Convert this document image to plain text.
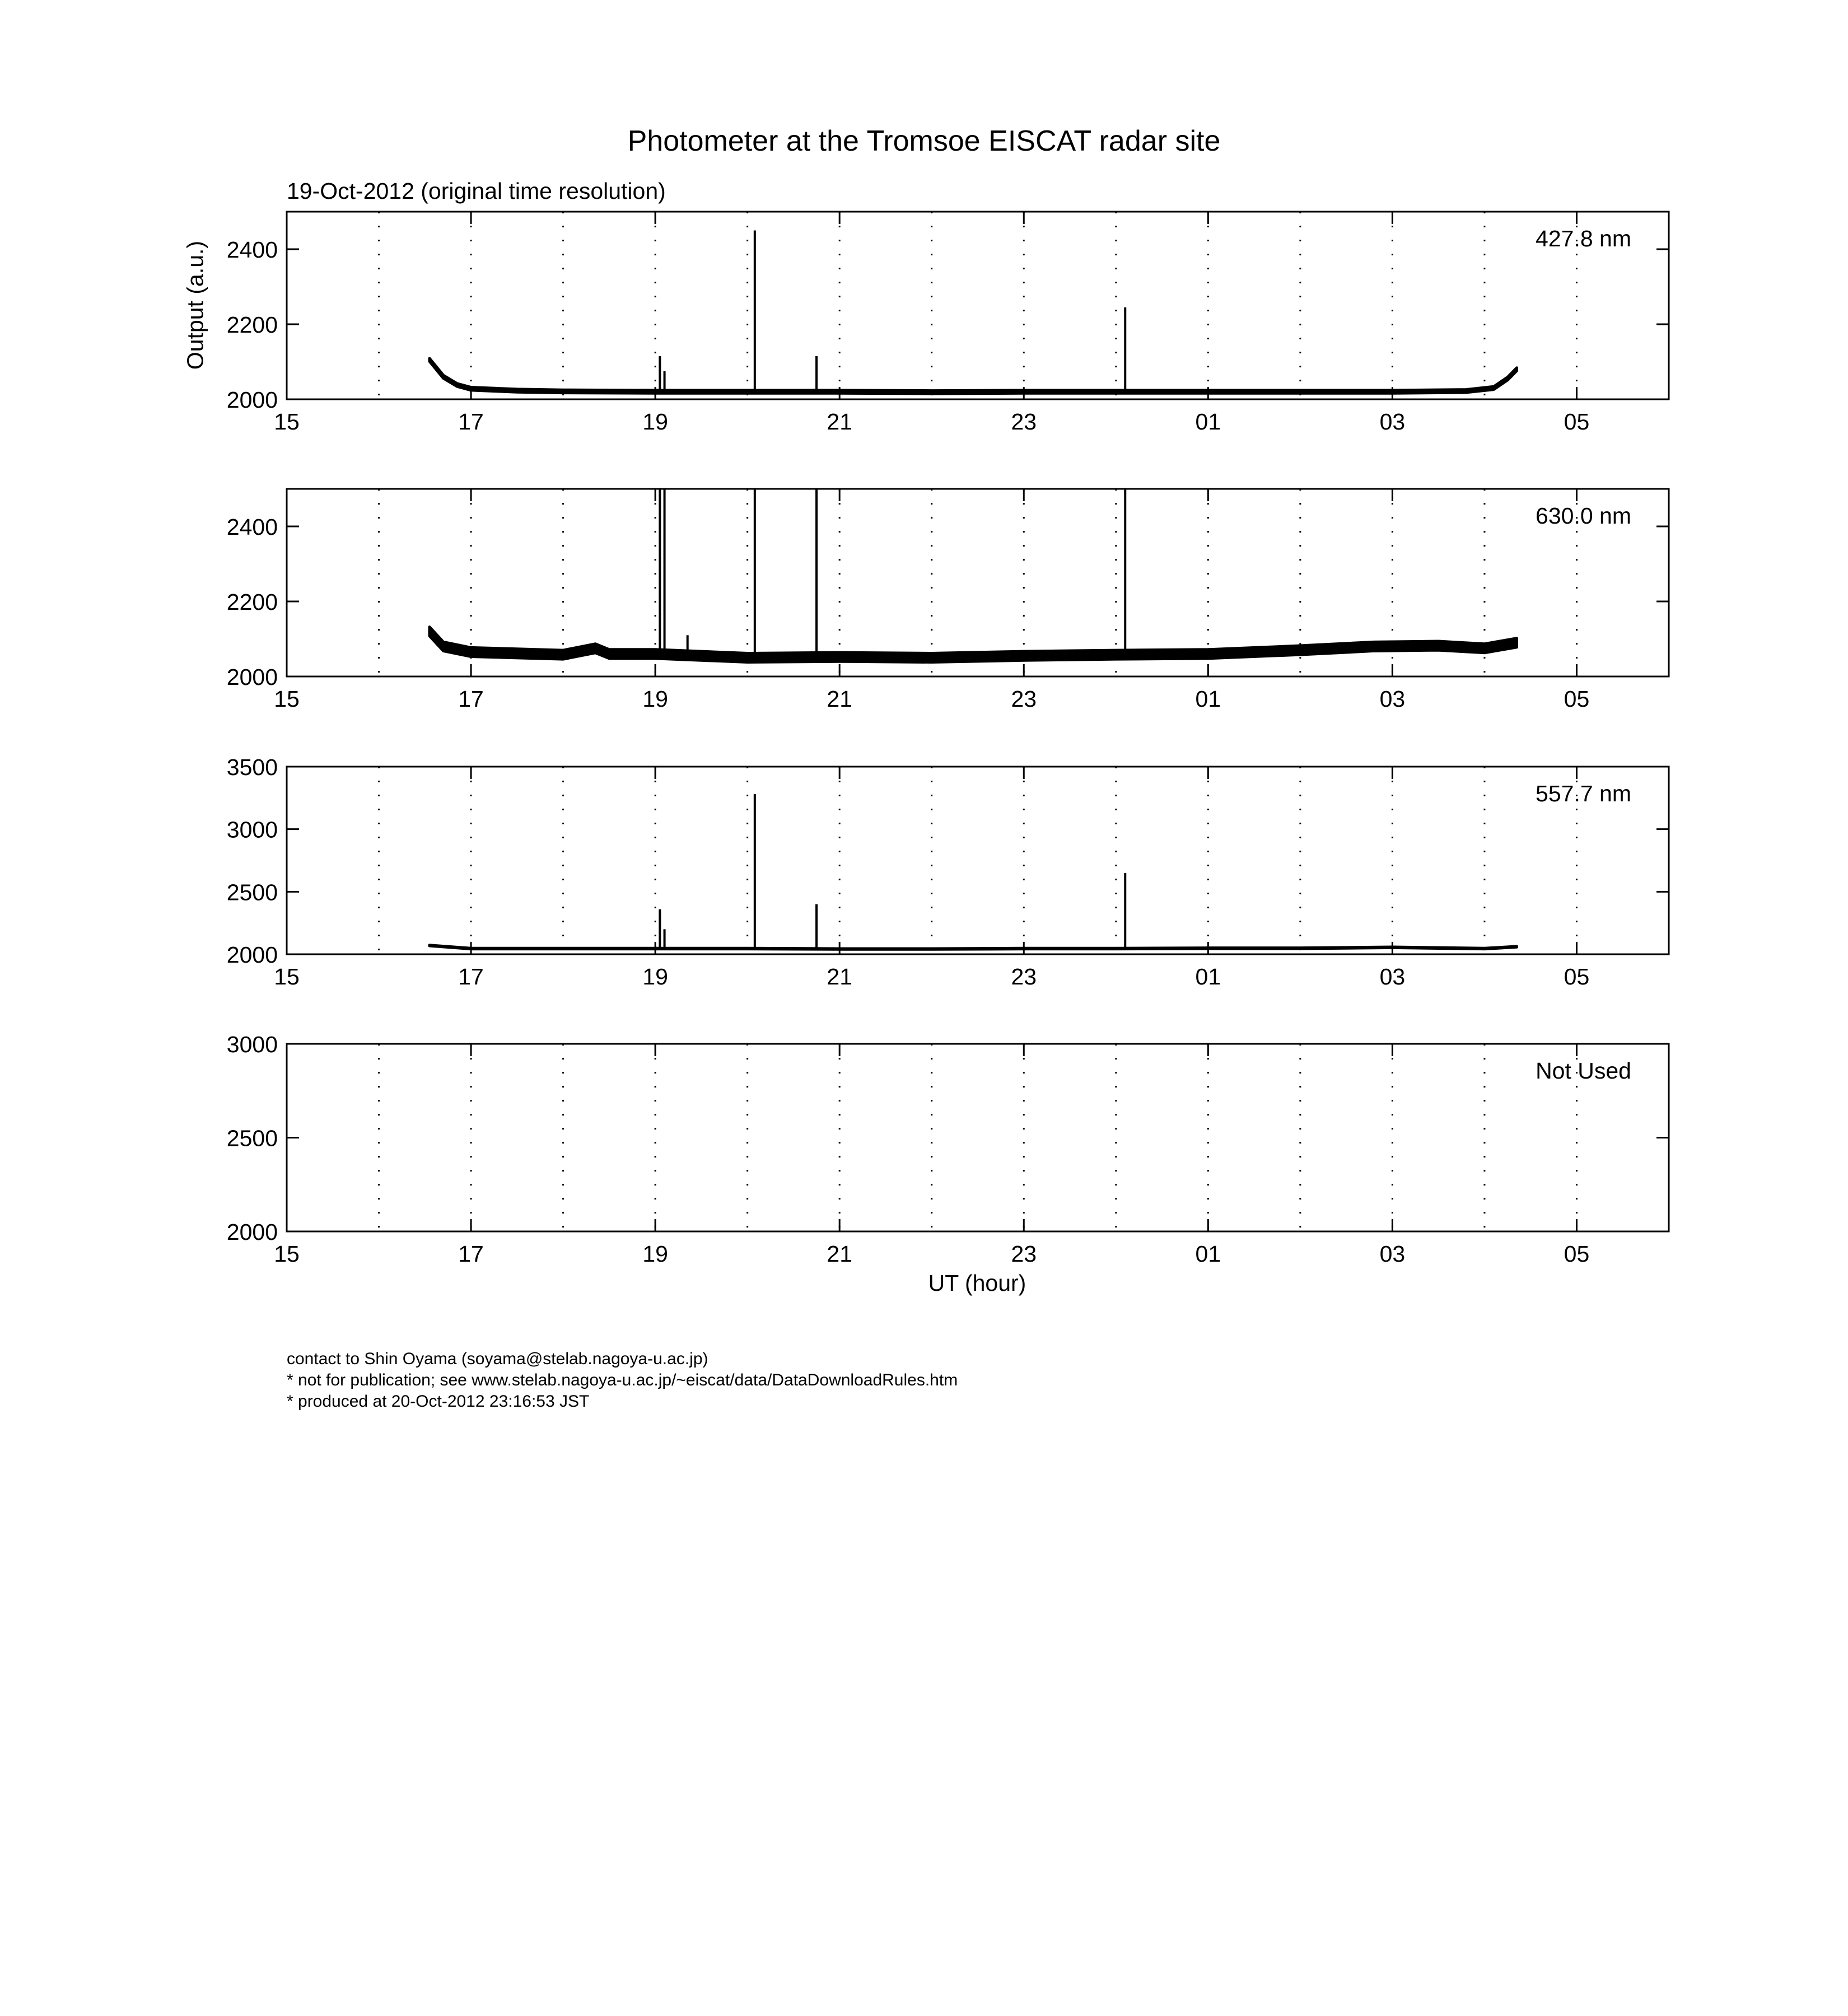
Photometer at the Tromsoe EISCAT radar site
19-Oct-2012 (original time resolution)
Output (a.u.)
15	17	19	21	23	01	03	05
2000
2200
2400	427.8 nm
15	17	19	21	23	01	03	05
2000
2200
2400	630.0 nm
15	17	19	21	23	01	03	05
2000
2500
3000
3500
557.7 nm
15	17	19	21	23	01	03	05
2000
2500
3000
Not Used
UT (hour)
contact to Shin Oyama (soyama@stelab.nagoya-u.ac.jp)
* not for publication; see www.stelab.nagoya-u.ac.jp/~eiscat/data/DataDownloadRules.htm
* produced at 20-Oct-2012 23:16:53 JST
